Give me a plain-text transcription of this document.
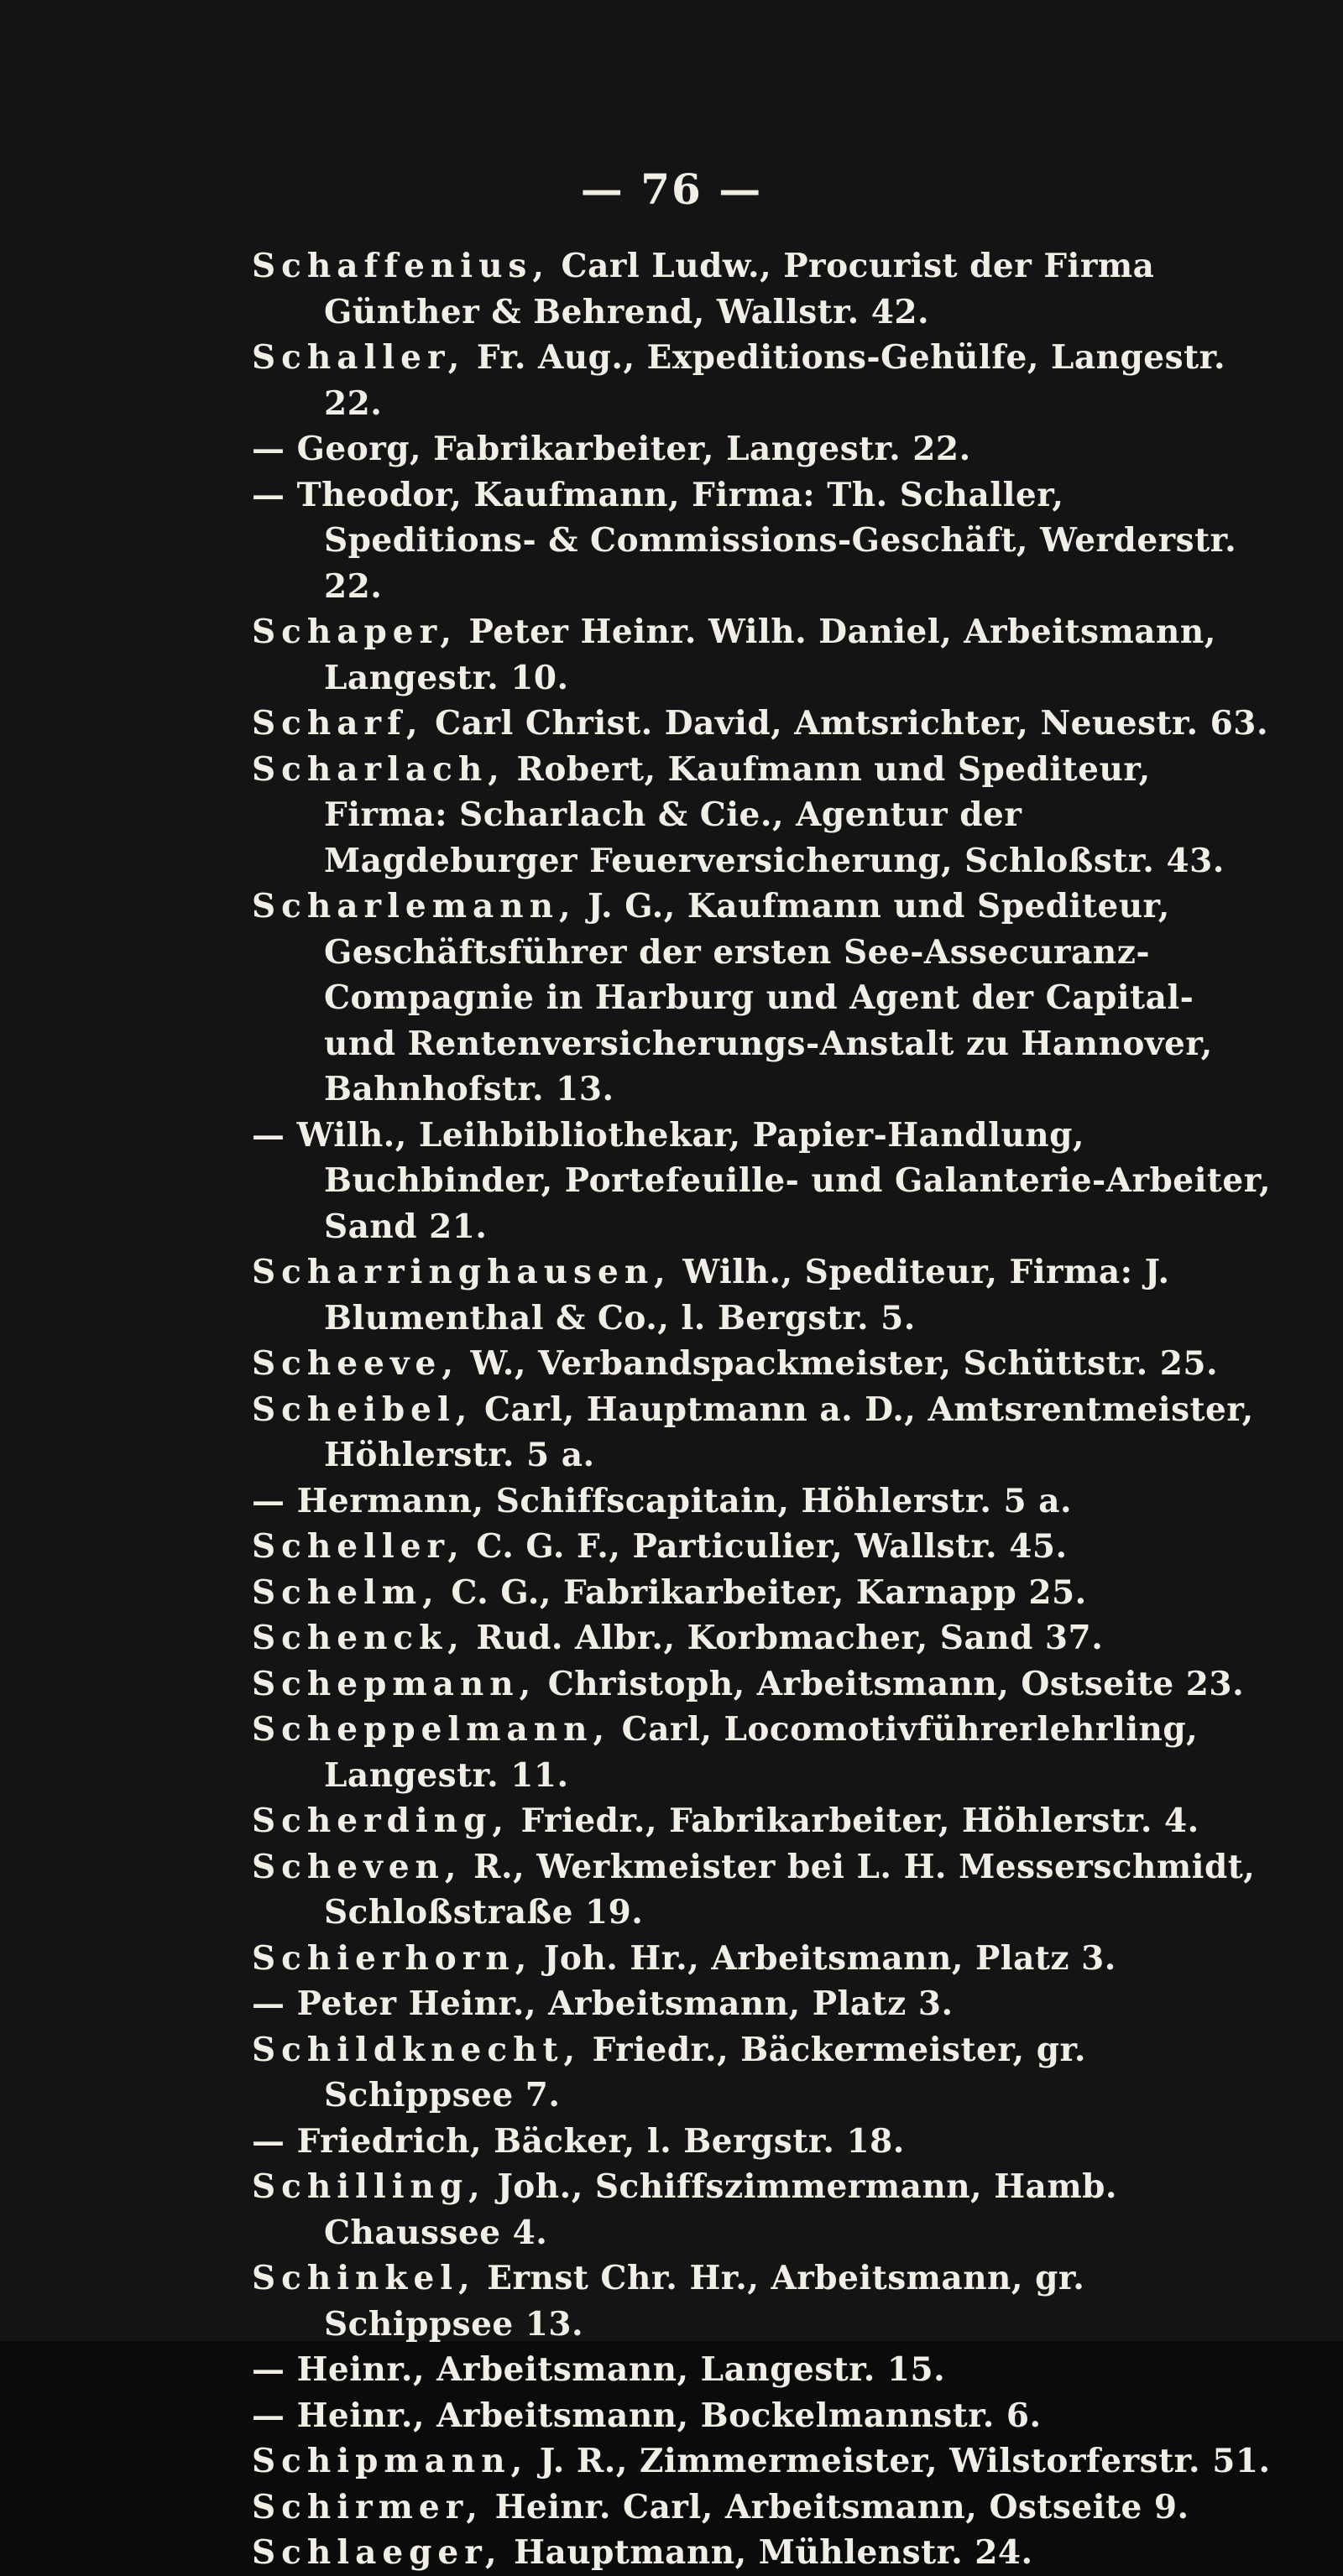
— 76 —
Schaffenius, Carl Ludw., Procurist der Firma Günther & Behrend, Wallstr. 42.
Schaller, Fr. Aug., Expeditions-Gehülfe, Langestr. 22.
— Georg, Fabrikarbeiter, Langestr. 22.
— Theodor, Kaufmann, Firma: Th. Schaller, Speditions- & Commissions-Geschäft, Werderstr. 22.
Schaper, Peter Heinr. Wilh. Daniel, Arbeitsmann, Langestr. 10.
Scharf, Carl Christ. David, Amtsrichter, Neuestr. 63.
Scharlach, Robert, Kaufmann und Spediteur, Firma: Scharlach & Cie., Agentur der Magdeburger Feuerversicherung, Schloßstr. 43.
Scharlemann, J. G., Kaufmann und Spediteur, Geschäftsführer der ersten See-Assecuranz-Compagnie in Harburg und Agent der Capital- und Rentenversicherungs-Anstalt zu Hannover, Bahnhofstr. 13.
— Wilh., Leihbibliothekar, Papier-Handlung, Buchbinder, Portefeuille- und Galanterie-Arbeiter, Sand 21.
Scharringhausen, Wilh., Spediteur, Firma: J. Blumenthal & Co., l. Bergstr. 5.
Scheeve, W., Verbandspackmeister, Schüttstr. 25.
Scheibel, Carl, Hauptmann a. D., Amtsrentmeister, Höhlerstr. 5 a.
— Hermann, Schiffscapitain, Höhlerstr. 5 a.
Scheller, C. G. F., Particulier, Wallstr. 45.
Schelm, C. G., Fabrikarbeiter, Karnapp 25.
Schenck, Rud. Albr., Korbmacher, Sand 37.
Schepmann, Christoph, Arbeitsmann, Ostseite 23.
Scheppelmann, Carl, Locomotivführerlehrling, Langestr. 11.
Scherding, Friedr., Fabrikarbeiter, Höhlerstr. 4.
Scheven, R., Werkmeister bei L. H. Messerschmidt, Schloßstraße 19.
Schierhorn, Joh. Hr., Arbeitsmann, Platz 3.
— Peter Heinr., Arbeitsmann, Platz 3.
Schildknecht, Friedr., Bäckermeister, gr. Schippsee 7.
— Friedrich, Bäcker, l. Bergstr. 18.
Schilling, Joh., Schiffszimmermann, Hamb. Chaussee 4.
Schinkel, Ernst Chr. Hr., Arbeitsmann, gr. Schippsee 13.
— Heinr., Arbeitsmann, Langestr. 15.
— Heinr., Arbeitsmann, Bockelmannstr. 6.
Schipmann, J. R., Zimmermeister, Wilstorferstr. 51.
Schirmer, Heinr. Carl, Arbeitsmann, Ostseite 9.
Schlaeger, Hauptmann, Mühlenstr. 24.
